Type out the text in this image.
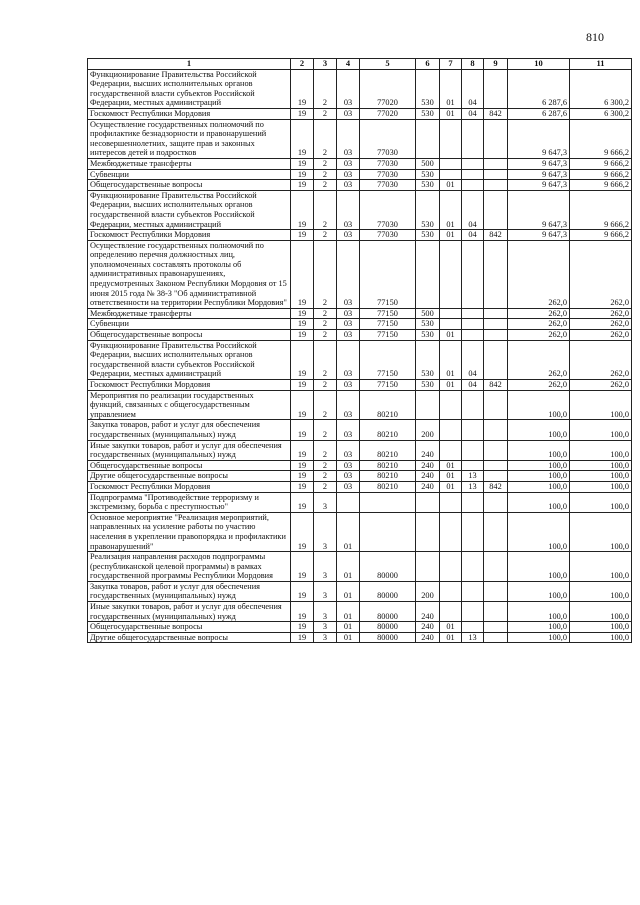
810
1	2	3	4	5	6	7	8	9	10	11
Функционирование Правительства Российской Федерации, высших исполнительных органов государственной власти субъектов Российской Федерации, местных администраций	19	2	03	77020	530	01	04		6 287,6	6 300,2
Госкомюст Республики Мордовия	19	2	03	77020	530	01	04	842	6 287,6	6 300,2
Осуществление государственных полномочий по профилактике безнадзорности и правонарушений несовершеннолетних, защите прав и законных интересов детей и подростков	19	2	03	77030					9 647,3	9 666,2
Межбюджетные трансферты	19	2	03	77030	500				9 647,3	9 666,2
Субвенции	19	2	03	77030	530				9 647,3	9 666,2
Общегосударственные вопросы	19	2	03	77030	530	01			9 647,3	9 666,2
Функционирование Правительства Российской Федерации, высших исполнительных органов государственной власти субъектов Российской Федерации, местных администраций	19	2	03	77030	530	01	04		9 647,3	9 666,2
Госкомюст Республики Мордовия	19	2	03	77030	530	01	04	842	9 647,3	9 666,2
Осуществление государственных полномочий по определению перечня должностных лиц, уполномоченных составлять протоколы об административных правонарушениях, предусмотренных Законом Республики Мордовия от 15 июня 2015 года № 38-З "Об административной ответственности на территории Республики Мордовия"	19	2	03	77150					262,0	262,0
Межбюджетные трансферты	19	2	03	77150	500				262,0	262,0
Субвенции	19	2	03	77150	530				262,0	262,0
Общегосударственные вопросы	19	2	03	77150	530	01			262,0	262,0
Функционирование Правительства Российской Федерации, высших исполнительных органов государственной власти субъектов Российской Федерации, местных администраций	19	2	03	77150	530	01	04		262,0	262,0
Госкомюст Республики Мордовия	19	2	03	77150	530	01	04	842	262,0	262,0
Мероприятия по реализации государственных функций, связанных с общегосударственным управлением	19	2	03	80210					100,0	100,0
Закупка товаров, работ и услуг для обеспечения государственных (муниципальных) нужд	19	2	03	80210	200				100,0	100,0
Иные закупки товаров, работ и услуг для обеспечения государственных (муниципальных) нужд	19	2	03	80210	240				100,0	100,0
Общегосударственные вопросы	19	2	03	80210	240	01			100,0	100,0
Другие общегосударственные вопросы	19	2	03	80210	240	01	13		100,0	100,0
Госкомюст Республики Мордовия	19	2	03	80210	240	01	13	842	100,0	100,0
Подпрограмма "Противодействие терроризму и экстремизму, борьба с преступностью"	19	3							100,0	100,0
Основное мероприятие "Реализация мероприятий, направленных на усиление работы по участию населения в укреплении правопорядка и профилактики правонарушений"	19	3	01						100,0	100,0
Реализация направления расходов подпрограммы (республиканской целевой программы) в рамках государственной программы Республики Мордовия	19	3	01	80000					100,0	100,0
Закупка товаров, работ и услуг для обеспечения государственных (муниципальных) нужд	19	3	01	80000	200				100,0	100,0
Иные закупки товаров, работ и услуг для обеспечения государственных (муниципальных) нужд	19	3	01	80000	240				100,0	100,0
Общегосударственные вопросы	19	3	01	80000	240	01			100,0	100,0
Другие общегосударственные вопросы	19	3	01	80000	240	01	13		100,0	100,0
